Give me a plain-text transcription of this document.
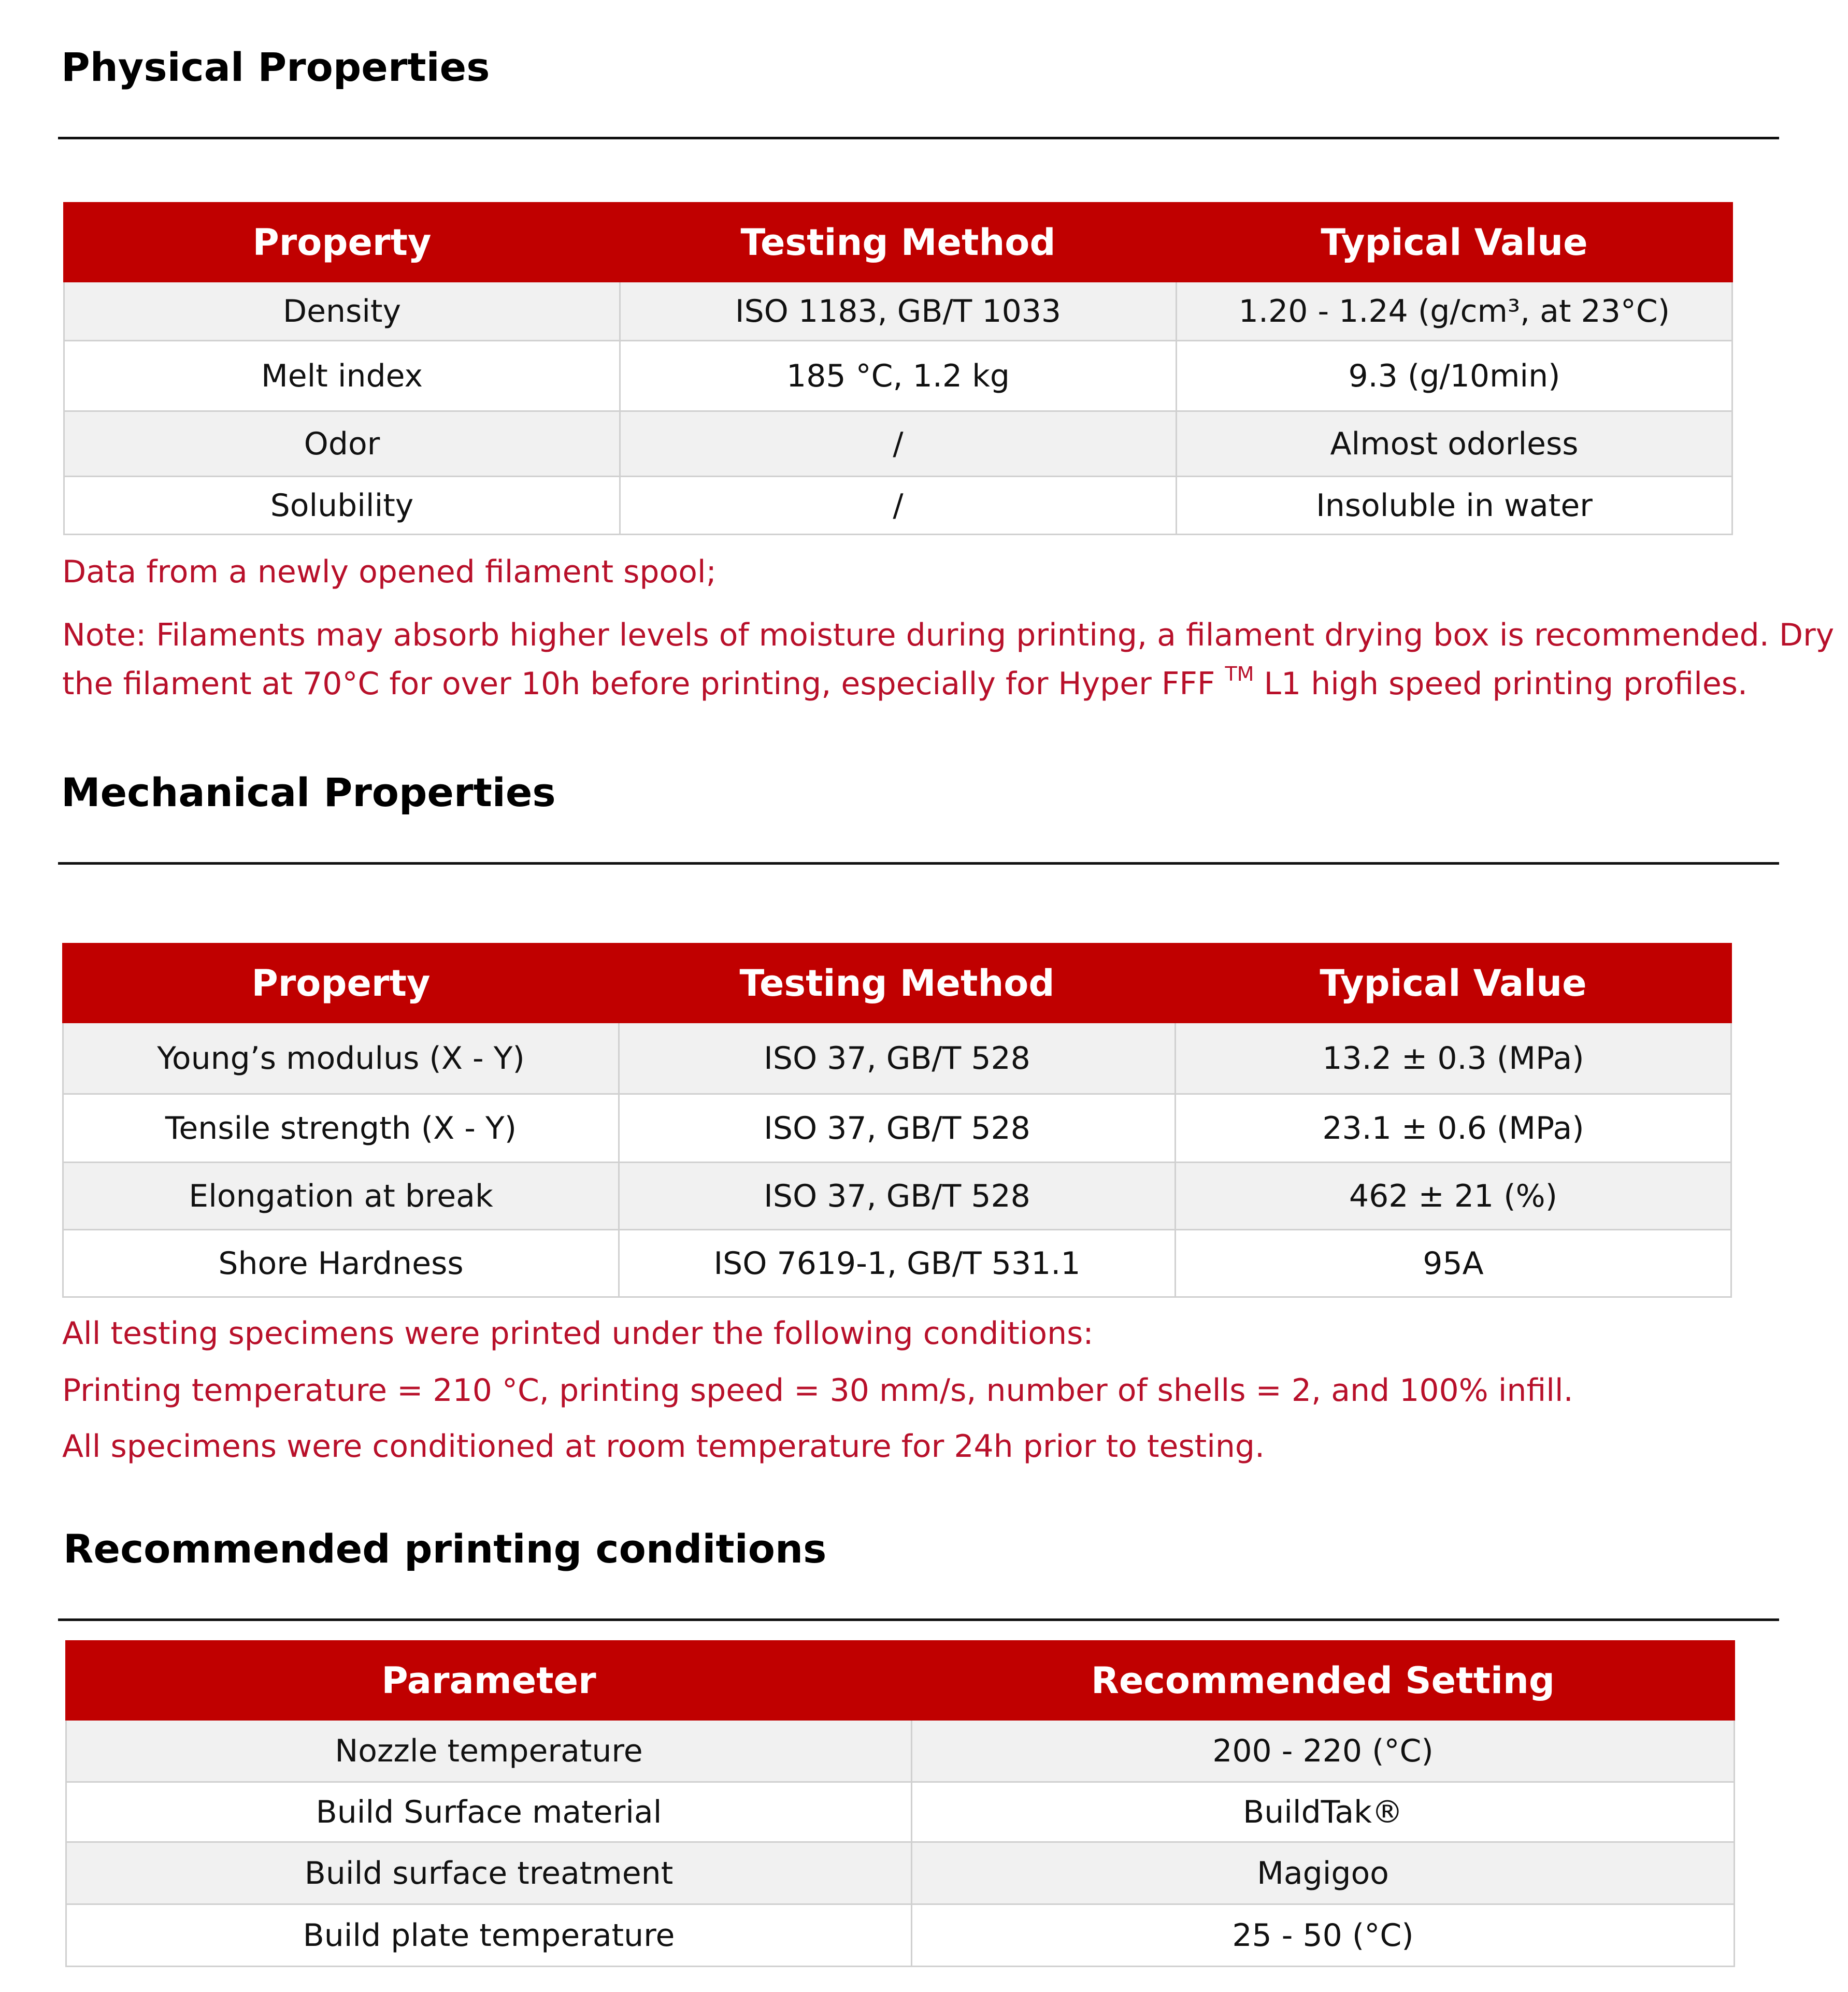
Physical Properties
Property	Testing Method	Typical Value
Density	ISO 1183, GB/T 1033	1.20 - 1.24 (g/cm³, at 23°C)
Melt index	185 °C, 1.2 kg	9.3 (g/10min)
Odor	/	Almost odorless
Solubility	/	Insoluble in water

Data from a newly opened filament spool;

Note: Filaments may absorb higher levels of moisture during printing, a filament drying box is recommended. Dry

the filament at 70°C for over 10h before printing, especially for Hyper FFF ™ L1 high speed printing profiles.

Mechanical Properties
Property	Testing Method	Typical Value
Young’s modulus (X - Y)	ISO 37, GB/T 528	13.2 ± 0.3 (MPa)
Tensile strength (X - Y)	ISO 37, GB/T 528	23.1 ± 0.6 (MPa)
Elongation at break	ISO 37, GB/T 528	462 ± 21 (%)
Shore Hardness	ISO 7619-1, GB/T 531.1	95A

All testing specimens were printed under the following conditions:

Printing temperature = 210 °C, printing speed = 30 mm/s, number of shells = 2, and 100% infill.

All specimens were conditioned at room temperature for 24h prior to testing.

Recommended printing conditions
Parameter	Recommended Setting
Nozzle temperature	200 - 220 (°C)
Build Surface material	BuildTak®
Build surface treatment	Magigoo
Build plate temperature	25 - 50 (°C)
